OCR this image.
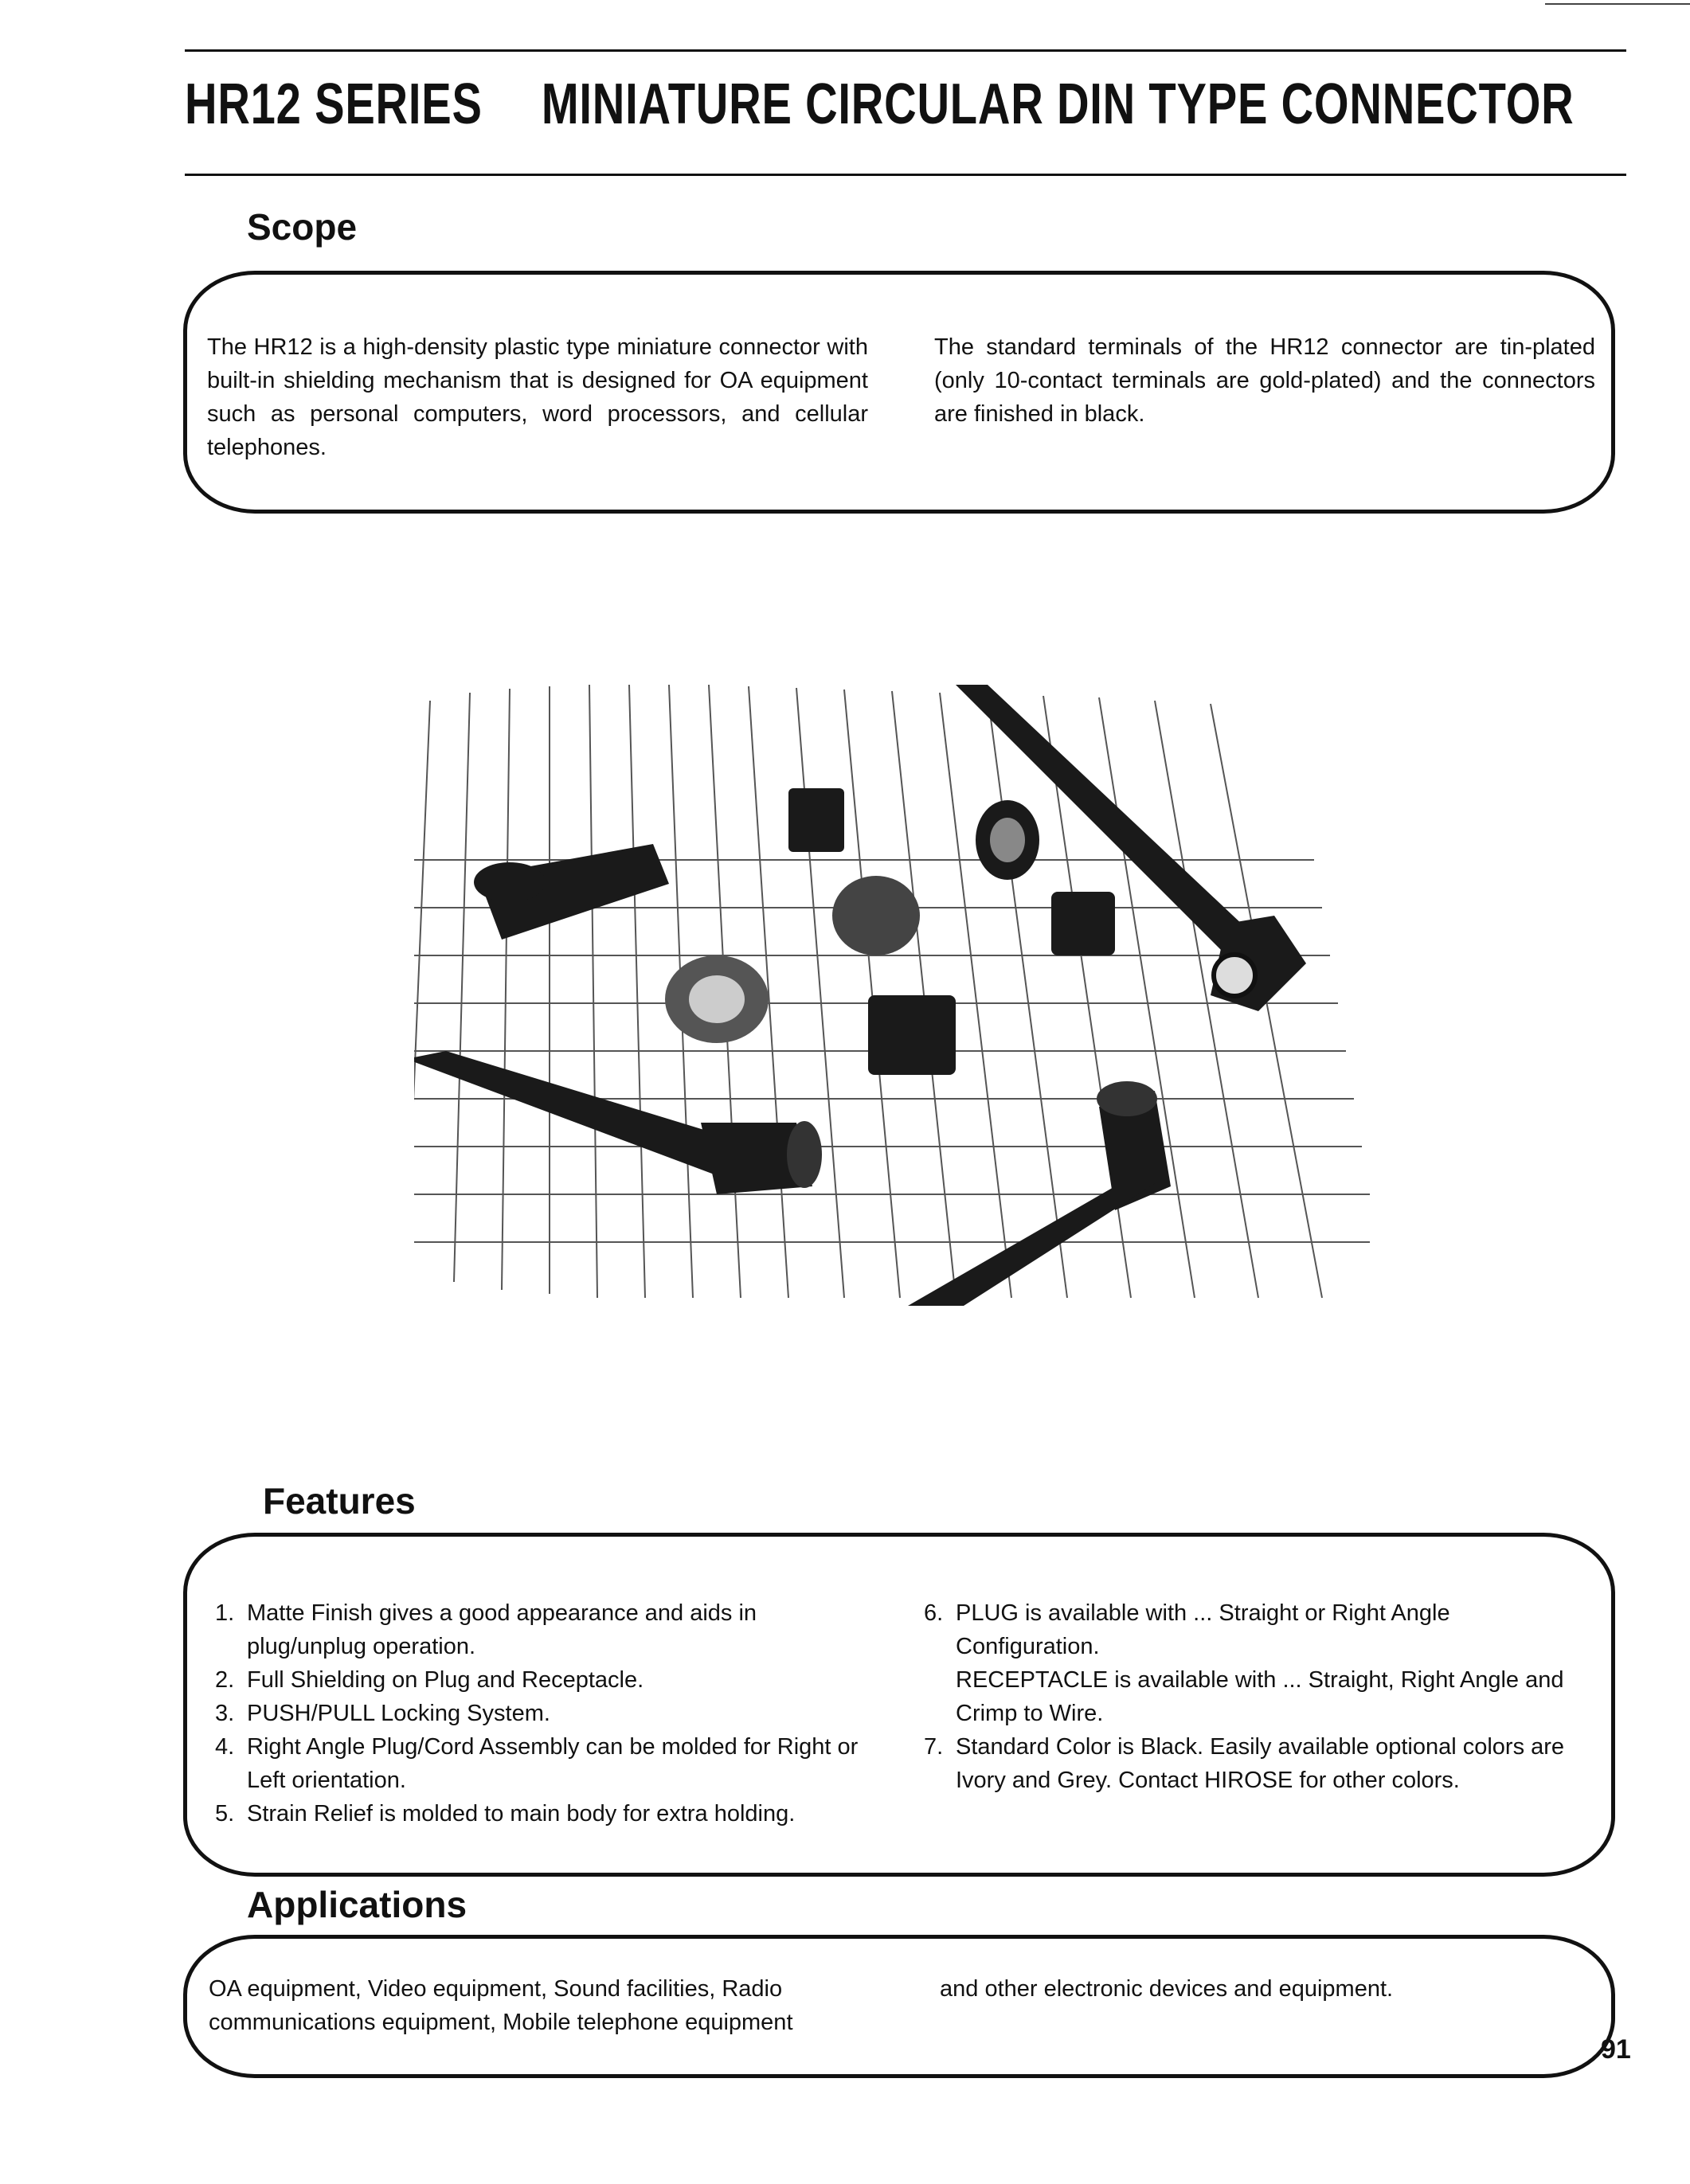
HR12 SERIES MINIATURE CIRCULAR DIN TYPE CONNECTOR
Scope
The HR12 is a high-density plastic type miniature connector with built-in shielding mechanism that is designed for OA equipment such as personal computers, word processors, and cellular telephones.
The standard terminals of the HR12 connector are tin-plated (only 10-contact terminals are gold-plated) and the connectors are finished in black.
Features
1. Matte Finish gives a good appearance and aids in plug/unplug operation.
2. Full Shielding on Plug and Receptacle.
3. PUSH/PULL Locking System.
4. Right Angle Plug/Cord Assembly can be molded for Right or Left orientation.
5. Strain Relief is molded to main body for extra holding.
6. PLUG is available with ... Straight or Right Angle Configuration.
RECEPTACLE is available with ... Straight, Right Angle and Crimp to Wire.
7. Standard Color is Black. Easily available optional colors are Ivory and Grey. Contact HIROSE for other colors.
Applications
OA equipment, Video equipment, Sound facilities, Radio communications equipment, Mobile telephone equipment
and other electronic devices and equipment.
91
